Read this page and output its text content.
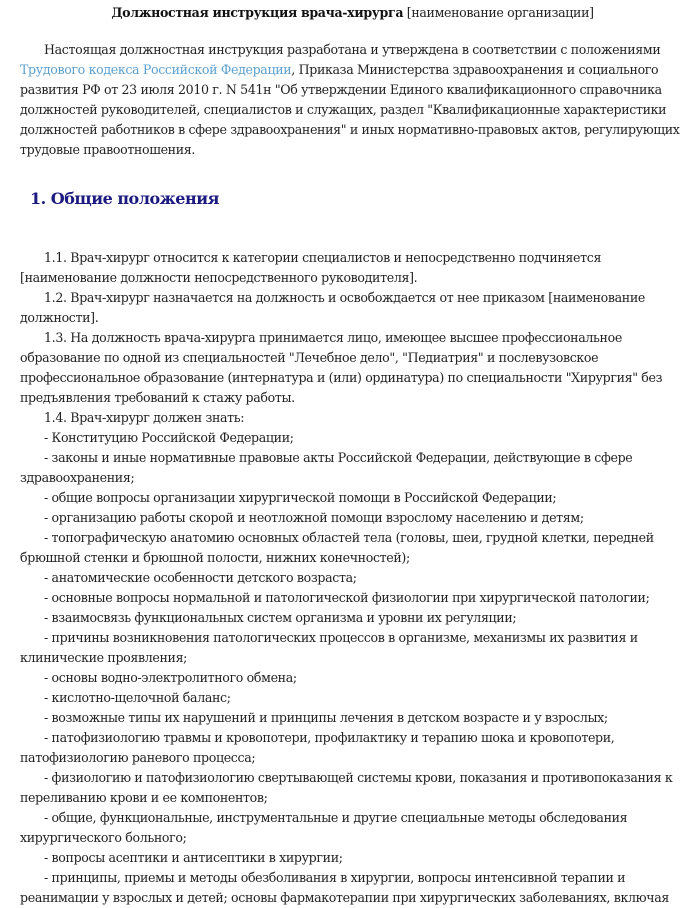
Должностная инструкция врача-хирурга [наименование организации]

Настоящая должностная инструкция разработана и утверждена в соответствии с положениями Трудового кодекса Российской Федерации, Приказа Министерства здравоохранения и социального развития РФ от 23 июля 2010 г. N 541н "Об утверждении Единого квалификационного справочника должностей руководителей, специалистов и служащих, раздел "Квалификационные характеристики должностей работников в сфере здравоохранения" и иных нормативно-правовых актов, регулирующих трудовые правоотношения.

1. Общие положения

1.1. Врач-хирург относится к категории специалистов и непосредственно подчиняется [наименование должности непосредственного руководителя].

1.2. Врач-хирург назначается на должность и освобождается от нее приказом [наименование должности].

1.3. На должность врача-хирурга принимается лицо, имеющее высшее профессиональное образование по одной из специальностей "Лечебное дело", "Педиатрия" и послевузовское профессиональное образование (интернатура и (или) ординатура) по специальности "Хирургия" без предъявления требований к стажу работы.

1.4. Врач-хирург должен знать:

- Конституцию Российской Федерации;

- законы и иные нормативные правовые акты Российской Федерации, действующие в сфере здравоохранения;

- общие вопросы организации хирургической помощи в Российской Федерации;

- организацию работы скорой и неотложной помощи взрослому населению и детям;

- топографическую анатомию основных областей тела (головы, шеи, грудной клетки, передней брюшной стенки и брюшной полости, нижних конечностей);

- анатомические особенности детского возраста;

- основные вопросы нормальной и патологической физиологии при хирургической патологии;

- взаимосвязь функциональных систем организма и уровни их регуляции;

- причины возникновения патологических процессов в организме, механизмы их развития и клинические проявления;

- основы водно-электролитного обмена;

- кислотно-щелочной баланс;

- возможные типы их нарушений и принципы лечения в детском возрасте и у взрослых;

- патофизиологию травмы и кровопотери, профилактику и терапию шока и кровопотери, патофизиологию раневого процесса;

- физиологию и патофизиологию свертывающей системы крови, показания и противопоказания к переливанию крови и ее компонентов;

- общие, функциональные, инструментальные и другие специальные методы обследования хирургического больного;

- вопросы асептики и антисептики в хирургии;

- принципы, приемы и методы обезболивания в хирургии, вопросы интенсивной терапии и реанимации у взрослых и детей; основы фармакотерапии при хирургических заболеваниях, включая
